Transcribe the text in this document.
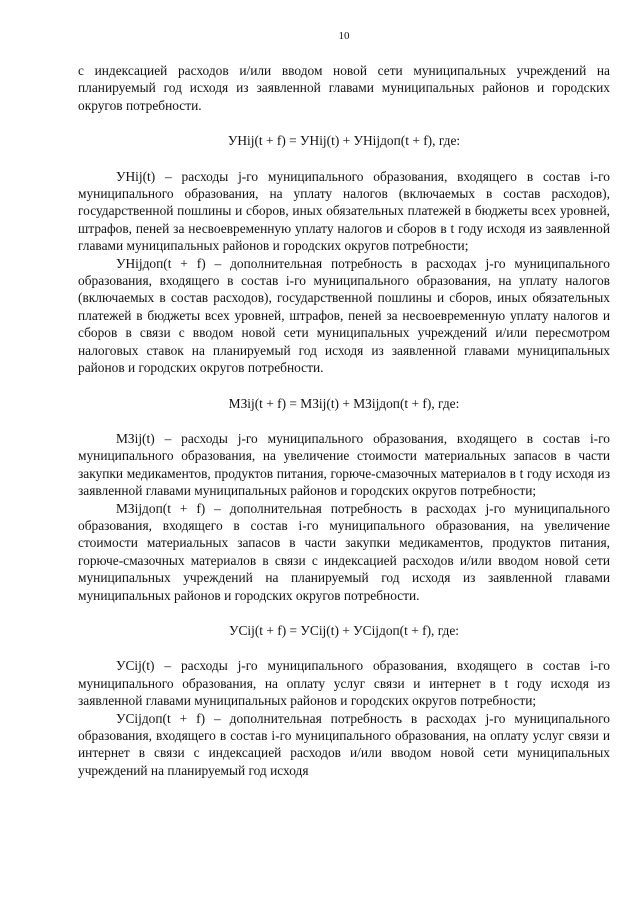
10

с индексацией расходов и/или вводом новой сети муниципальных учреждений на планируемый год исходя из заявленной главами муниципальных районов и городских округов потребности.

УНij(t + f) = УНij(t) + УНijдоп(t + f), где:

УНij(t) – расходы j-го муниципального образования, входящего в состав i-го муниципального образования, на уплату налогов (включаемых в состав расходов), государственной пошлины и сборов, иных обязательных платежей в бюджеты всех уровней, штрафов, пеней за несвоевременную уплату налогов и сборов в t году исходя из заявленной главами муниципальных районов и городских округов потребности;

УНijдоп(t + f) – дополнительная потребность в расходах j-го муниципального образования, входящего в состав i-го муниципального образования, на уплату налогов (включаемых в состав расходов), государственной пошлины и сборов, иных обязательных платежей в бюджеты всех уровней, штрафов, пеней за несвоевременную уплату налогов и сборов в связи с вводом новой сети муниципальных учреждений и/или пересмотром налоговых ставок на планируемый год исходя из заявленной главами муниципальных районов и городских округов потребности.

МЗij(t + f) = МЗij(t) + МЗijдоп(t + f), где:

МЗij(t) – расходы j-го муниципального образования, входящего в состав i-го муниципального образования, на увеличение стоимости материальных запасов в части закупки медикаментов, продуктов питания, горюче-смазочных материалов в t году исходя из заявленной главами муниципальных районов и городских округов потребности;

МЗijдоп(t + f) – дополнительная потребность в расходах j-го муниципального образования, входящего в состав i-го муниципального образования, на увеличение стоимости материальных запасов в части закупки медикаментов, продуктов питания, горюче-смазочных материалов в связи с индексацией расходов и/или вводом новой сети муниципальных учреждений на планируемый год исходя из заявленной главами муниципальных районов и городских округов потребности.

УСij(t + f) = УСij(t) + УСijдоп(t + f), где:

УСij(t) – расходы j-го муниципального образования, входящего в состав i-го муниципального образования, на оплату услуг связи и интернет в t году исходя из заявленной главами муниципальных районов и городских округов потребности;

УСijдоп(t + f) – дополнительная потребность в расходах j-го муниципального образования, входящего в состав i-го муниципального образования, на оплату услуг связи и интернет в связи с индексацией расходов и/или вводом новой сети муниципальных учреждений на планируемый год исходя
